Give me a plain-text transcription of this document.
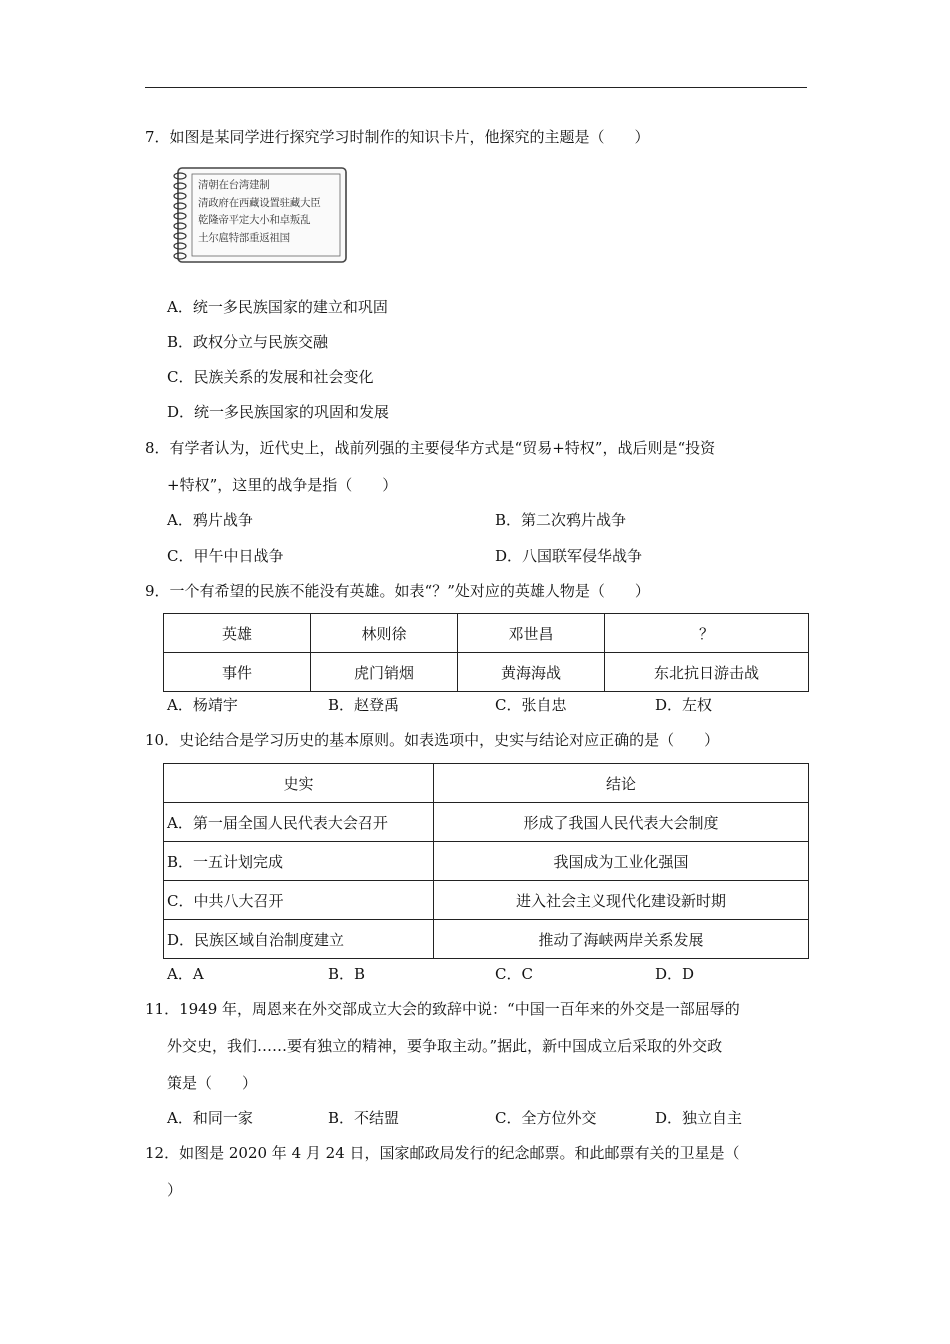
7．如图是某同学进行探究学习时制作的知识卡片，他探究的主题是（　　）
清朝在台湾建制
清政府在西藏设置驻藏大臣
乾隆帝平定大小和卓叛乱
土尔扈特部重返祖国
A．统一多民族国家的建立和巩固
B．政权分立与民族交融
C．民族关系的发展和社会变化
D．统一多民族国家的巩固和发展
8．有学者认为，近代史上，战前列强的主要侵华方式是“贸易+特权”，战后则是“投资
+特权”，这里的战争是指（　　）
A．鸦片战争	B．第二次鸦片战争
C．甲午中日战争	D．八国联军侵华战争
9．一个有希望的民族不能没有英雄。如表“？”处对应的英雄人物是（　　）
英雄	林则徐	邓世昌	？
事件	虎门销烟	黄海海战	东北抗日游击战
A．杨靖宇	B．赵登禹	C．张自忠	D．左权
10．史论结合是学习历史的基本原则。如表选项中，史实与结论对应正确的是（　　）
史实	结论
A．第一届全国人民代表大会召开	形成了我国人民代表大会制度
B．一五计划完成	我国成为工业化强国
C．中共八大召开	进入社会主义现代化建设新时期
D．民族区域自治制度建立	推动了海峡两岸关系发展
A．A	B．B	C．C	D．D
11．1949 年，周恩来在外交部成立大会的致辞中说：“中国一百年来的外交是一部屈辱的
外交史，我们……要有独立的精神，要争取主动。”据此，新中国成立后采取的外交政
策是（　　）
A．和同一家	B．不结盟	C．全方位外交	D．独立自主
12．如图是 2020 年 4 月 24 日，国家邮政局发行的纪念邮票。和此邮票有关的卫星是（
）
